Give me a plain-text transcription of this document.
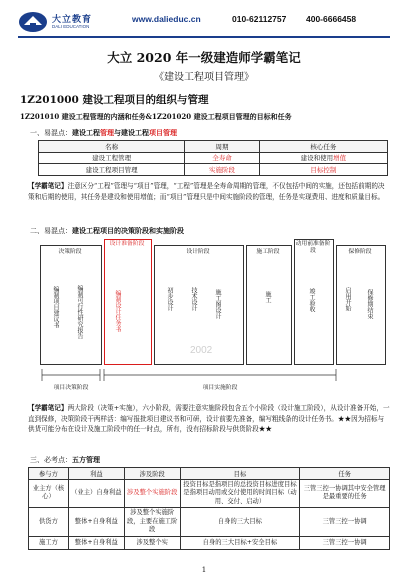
大立教育
DALI EDUCATION
www.dalieduc.cn	010-62112757 400-6666458
大立 2020 年一级建造师学霸笔记
《建设工程项目管理》
1Z201000 建设工程项目的组织与管理
1Z201010 建设工程管理的内涵和任务&1Z201020 建设工程项目管理的目标和任务
一、易混点：建设工程管理与建设工程项目管理
名称	周期	核心任务
建设工程管理	全寿命	建设和使用增值
建设工程项目管理	实施阶段	目标控制
【学霸笔记】注意区分“工程”管理与“项目”管理，“工程”管理是全寿命周期的管理，不仅包括中间的实施，还包括前期的决策和后期的使用，其任务是建设和使用增值；而“项目”管理只是中间实施阶段的管理，任务是实现费用、进度和质量目标。
二、易混点：建设工程项目的决策阶段和实施阶段
决策阶段
编制项目建议书	编制可行性研究报告
设计准备阶段
编制设计任务书
设计阶段
初步设计	技术设计	施工图设计
施工阶段
施工
动用前准备阶段
竣工验收
保修阶段
启用开始	保修期结束
项目决策阶段	项目实施阶段
2002
【学霸笔记】两大阶段（决策+实施），六小阶段，需要注意实施阶段包含五个小阶段（设计施工阶段），从设计准备开始，一直到保修，决策阶段干两样活：编写报批项目建议书和可研，设计前要先准备，编写粗线条的设计任务书。★★因为招标与供货可能分布在设计及施工阶段中的任一时点，所有，没有招标阶段与供货阶段★★
三、必考点：五方管理
参与方	利益	涉及阶段	目标	任务
业主方（核心）	（业主）自身利益	涉及整个实施阶段	投资目标是指项目的总投资目标进度目标是指项目动用或交付使用的时间目标（动用、交付、启动）	三管三控一协调其中安全管理是最重要的任务
供货方	整体+自身利益	涉及整个实施阶段，主要在施工阶段	自身的三大目标	三管三控一协调
施工方	整体+自身利益	涉及整个实	自身的三大目标+安全目标	三管三控一协调
1
